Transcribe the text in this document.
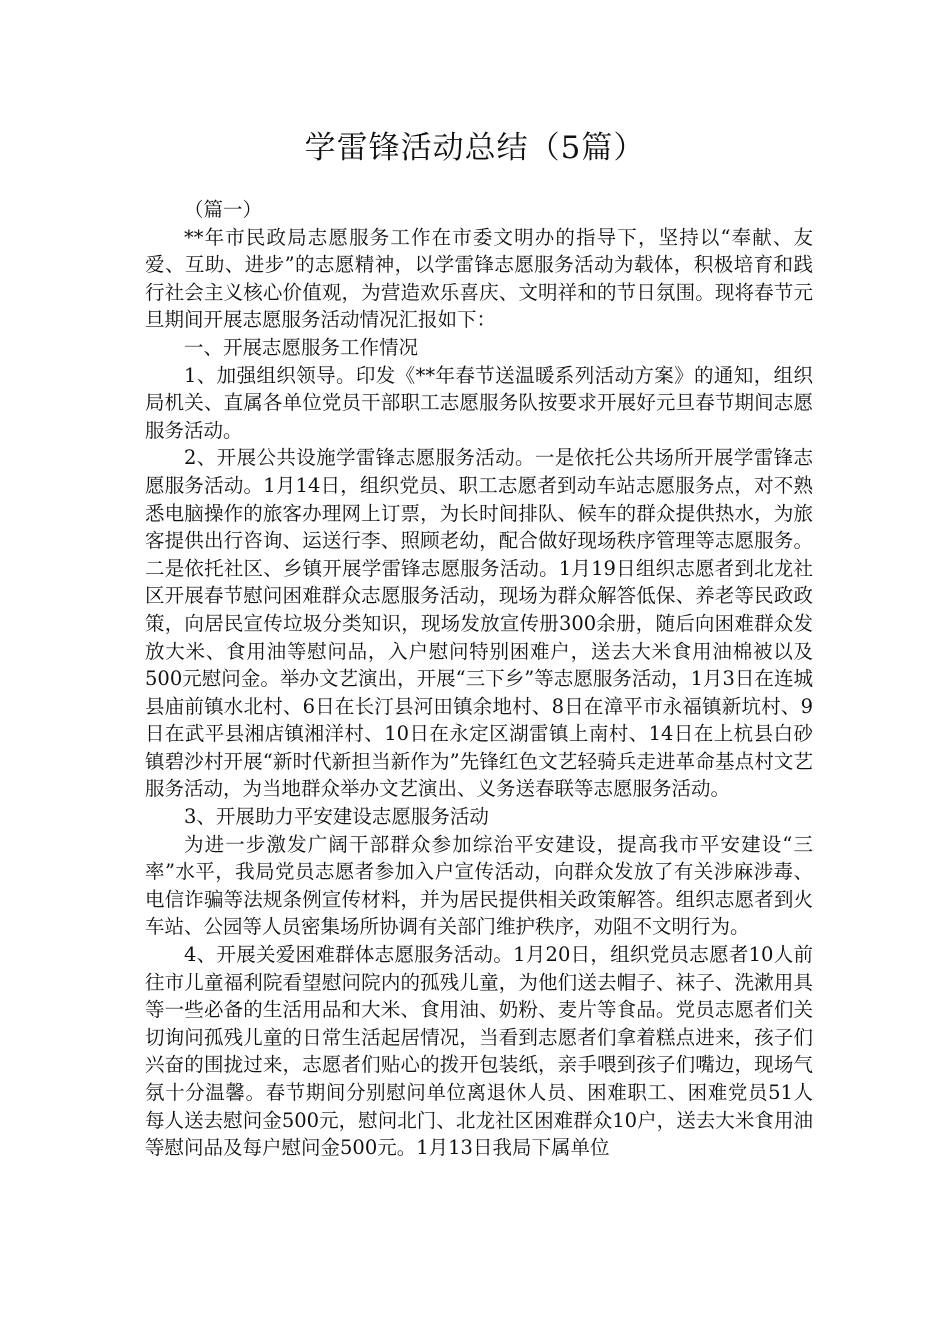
学雷锋活动总结（5篇）

（篇一）

**年市民政局志愿服务工作在市委文明办的指导下，坚持以“奉献、友爱、互助、进步”的志愿精神，以学雷锋志愿服务活动为载体，积极培育和践行社会主义核心价值观，为营造欢乐喜庆、文明祥和的节日氛围。现将春节元旦期间开展志愿服务活动情况汇报如下：

一、开展志愿服务工作情况

1、加强组织领导。印发《**年春节送温暖系列活动方案》的通知，组织局机关、直属各单位党员干部职工志愿服务队按要求开展好元旦春节期间志愿服务活动。

2、开展公共设施学雷锋志愿服务活动。一是依托公共场所开展学雷锋志愿服务活动。1月14日，组织党员、职工志愿者到动车站志愿服务点，对不熟悉电脑操作的旅客办理网上订票，为长时间排队、候车的群众提供热水，为旅客提供出行咨询、运送行李、照顾老幼，配合做好现场秩序管理等志愿服务。二是依托社区、乡镇开展学雷锋志愿服务活动。1月19日组织志愿者到北龙社区开展春节慰问困难群众志愿服务活动，现场为群众解答低保、养老等民政政策，向居民宣传垃圾分类知识，现场发放宣传册300余册，随后向困难群众发放大米、食用油等慰问品，入户慰问特别困难户，送去大米食用油棉被以及500元慰问金。举办文艺演出，开展“三下乡”等志愿服务活动，1月3日在连城县庙前镇水北村、6日在长汀县河田镇余地村、8日在漳平市永福镇新坑村、9日在武平县湘店镇湘洋村、10日在永定区湖雷镇上南村、14日在上杭县白砂镇碧沙村开展“新时代新担当新作为”先锋红色文艺轻骑兵走进革命基点村文艺服务活动，为当地群众举办文艺演出、义务送春联等志愿服务活动。

3、开展助力平安建设志愿服务活动

为进一步激发广阔干部群众参加综治平安建设，提高我市平安建设“三率”水平，我局党员志愿者参加入户宣传活动，向群众发放了有关涉麻涉毒、电信诈骗等法规条例宣传材料，并为居民提供相关政策解答。组织志愿者到火车站、公园等人员密集场所协调有关部门维护秩序，劝阻不文明行为。

4、开展关爱困难群体志愿服务活动。1月20日，组织党员志愿者10人前往市儿童福利院看望慰问院内的孤残儿童，为他们送去帽子、袜子、洗漱用具等一些必备的生活用品和大米、食用油、奶粉、麦片等食品。党员志愿者们关切询问孤残儿童的日常生活起居情况，当看到志愿者们拿着糕点进来，孩子们兴奋的围拢过来，志愿者们贴心的拨开包装纸，亲手喂到孩子们嘴边，现场气氛十分温馨。春节期间分别慰问单位离退休人员、困难职工、困难党员51人每人送去慰问金500元，慰问北门、北龙社区困难群众10户，送去大米食用油等慰问品及每户慰问金500元。1月13日我局下属单位
